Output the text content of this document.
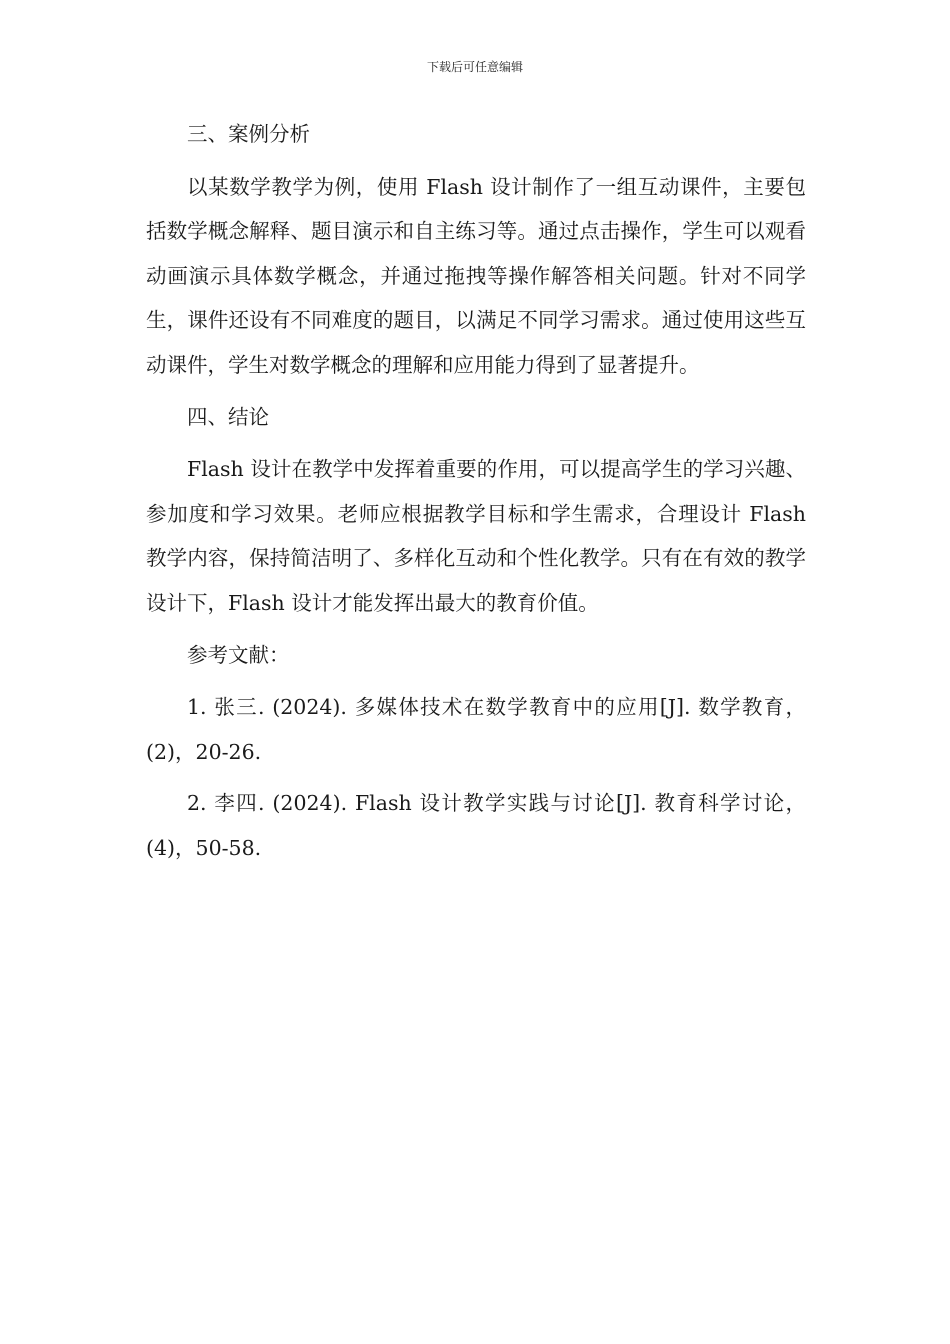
下载后可任意编辑

三、案例分析

以某数学教学为例，使用 Flash 设计制作了一组互动课件，主要包括数学概念解释、题目演示和自主练习等。通过点击操作，学生可以观看动画演示具体数学概念，并通过拖拽等操作解答相关问题。针对不同学生，课件还设有不同难度的题目，以满足不同学习需求。通过使用这些互动课件，学生对数学概念的理解和应用能力得到了显著提升。

四、结论

Flash 设计在教学中发挥着重要的作用，可以提高学生的学习兴趣、参加度和学习效果。老师应根据教学目标和学生需求，合理设计 Flash 教学内容，保持简洁明了、多样化互动和个性化教学。只有在有效的教学设计下，Flash 设计才能发挥出最大的教育价值。

参考文献：

1. 张三. (2024). 多媒体技术在数学教育中的应用[J]. 数学教育，(2)，20-26.

2. 李四. (2024). Flash 设计教学实践与讨论[J]. 教育科学讨论，(4)，50-58.
